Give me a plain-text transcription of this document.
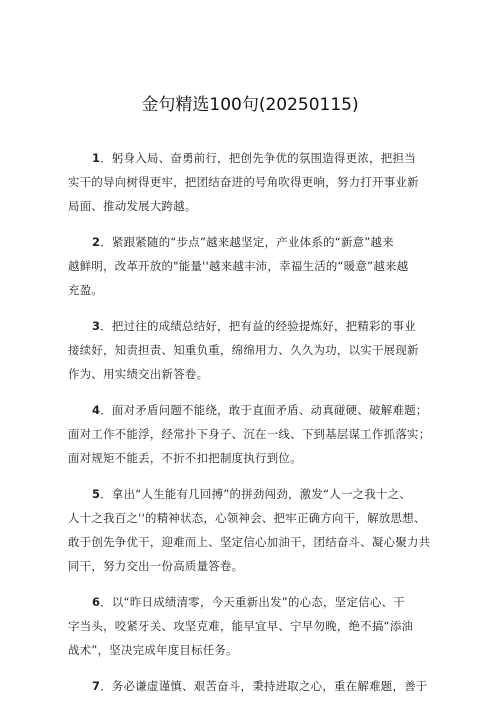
金句精选100句(20250115)
1．躬身入局、奋勇前行，把创先争优的氛围造得更浓，把担当
实干的导向树得更牢，把团结奋进的号角吹得更响，努力打开事业新
局面、推动发展大跨越。
2．紧跟紧随的“步点”越来越坚定，产业体系的“新意”越来
越鲜明，改革开放的"能量''越来越丰沛，幸福生活的“暖意”越来越
充盈。
3．把过往的成绩总结好，把有益的经验提炼好，把精彩的事业
接续好，知责担责、知重负重，绵绵用力、久久为功，以实干展现新
作为、用实绩交出新答卷。
4．面对矛盾问题不能绕，敢于直面矛盾、动真碰硬、破解难题；
面对工作不能浮，经常扑下身子、沉在一线、下到基层谋工作抓落实；
面对规矩不能丢，不折不扣把制度执行到位。
5．拿出“人生能有几回搏”的拼劲闯劲，激发“人一之我十之、
人十之我百之''的精神状态，心领神会、把牢正确方向干，解放思想、
敢于创先争优干，迎难而上、坚定信心加油干，团结奋斗、凝心聚力共
同干，努力交出一份高质量答卷。
6．以“昨日成绩清零，今天重新出发”的心态，坚定信心、干
字当头，咬紧牙关、攻坚克难，能早宜早、宁早勿晚，绝不搞“添油
战术”，坚决完成年度目标任务。
7．务必谦虚谨慎、艰苦奋斗，秉持进取之心，重在解难题，善于
